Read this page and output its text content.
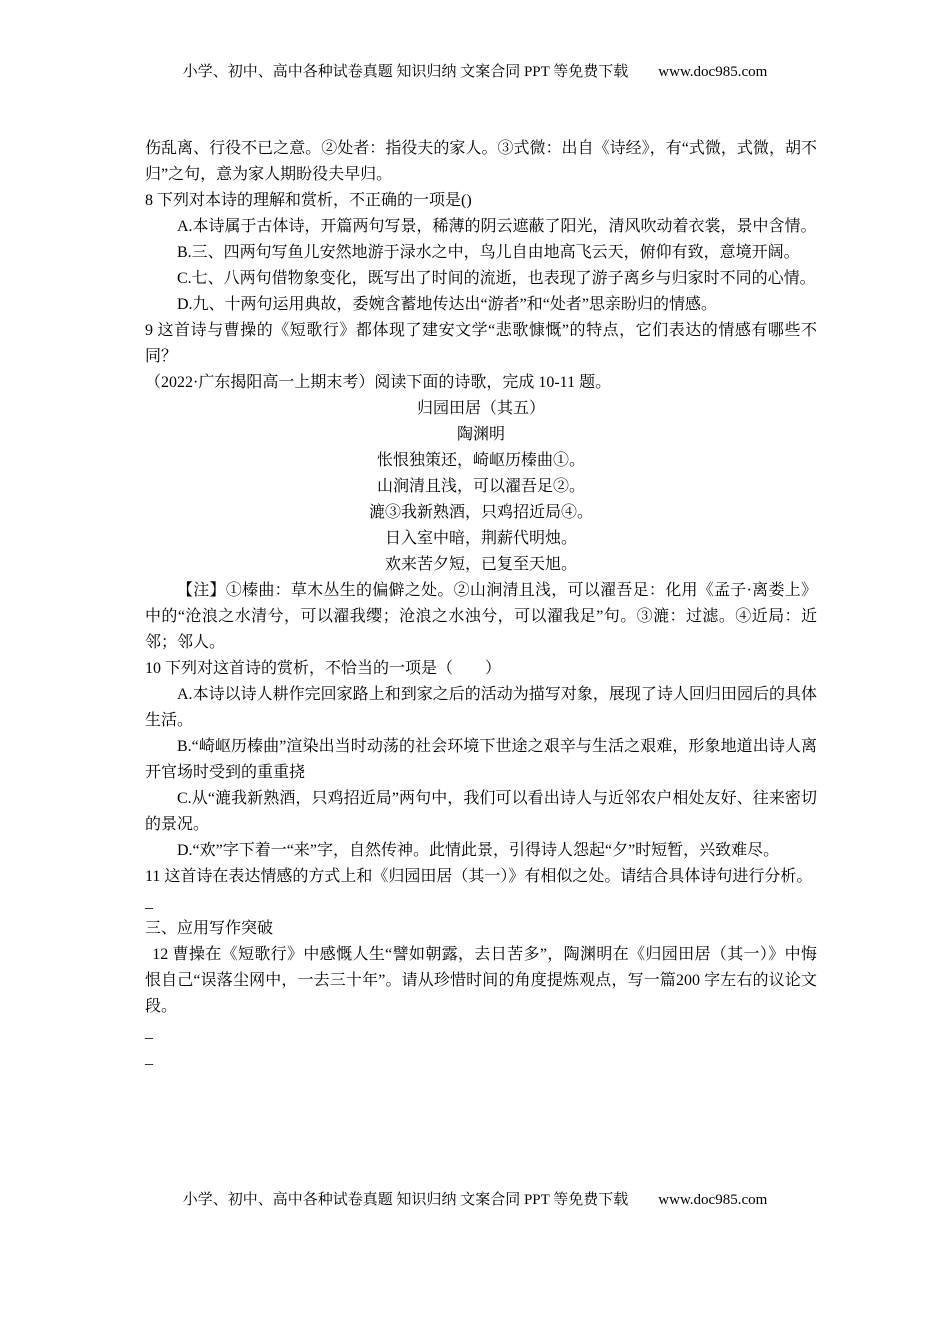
小学、初中、高中各种试卷真题 知识归纳 文案合同 PPT 等免费下载 www.doc985.com

伤乱离、行役不已之意。②处者：指役夫的家人。③式微：出自《诗经》，有“式微，式微，胡不归”之句，意为家人期盼役夫早归。

8 下列对本诗的理解和赏析，不正确的一项是()

A.本诗属于古体诗，开篇两句写景，稀薄的阴云遮蔽了阳光，清风吹动着衣裳，景中含情。

B.三、四两句写鱼儿安然地游于渌水之中，鸟儿自由地高飞云天，俯仰有致，意境开阔。

C.七、八两句借物象变化，既写出了时间的流逝，也表现了游子离乡与归家时不同的心情。

D.九、十两句运用典故，委婉含蓄地传达出“游者”和“处者”思亲盼归的情感。

9 这首诗与曹操的《短歌行》都体现了建安文学“悲歌慷慨”的特点，它们表达的情感有哪些不同？

（2022·广东揭阳高一上期末考）阅读下面的诗歌，完成 10-11 题。

归园田居（其五）

陶渊明

怅恨独策还，崎岖历榛曲①。

山涧清且浅，可以濯吾足②。

漉③我新熟酒，只鸡招近局④。

日入室中暗，荆薪代明烛。

欢来苦夕短，已复至天旭。

【注】①榛曲：草木丛生的偏僻之处。②山涧清且浅，可以濯吾足：化用《孟子·离娄上》中的“沧浪之水清兮，可以濯我缨；沧浪之水浊兮，可以濯我足”句。③漉：过滤。④近局：近邻；邻人。

10 下列对这首诗的赏析，不恰当的一项是（　　）

A.本诗以诗人耕作完回家路上和到家之后的活动为描写对象，展现了诗人回归田园后的具体生活。

B.“崎岖历榛曲”渲染出当时动荡的社会环境下世途之艰辛与生活之艰难，形象地道出诗人离开官场时受到的重重挠

C.从“漉我新熟酒，只鸡招近局”两句中，我们可以看出诗人与近邻农户相处友好、往来密切的景况。

D.“欢”字下着一“来”字，自然传神。此情此景，引得诗人怨起“夕”时短暂，兴致难尽。

11 这首诗在表达情感的方式上和《归园田居（其一）》有相似之处。请结合具体诗句进行分析。

_

三、应用写作突破

12 曹操在《短歌行》中感慨人生“譬如朝露，去日苦多”，陶渊明在《归园田居（其一）》中悔恨自己“误落尘网中，一去三十年”。请从珍惜时间的角度提炼观点，写一篇200 字左右的议论文段。

_

_

小学、初中、高中各种试卷真题 知识归纳 文案合同 PPT 等免费下载 www.doc985.com
